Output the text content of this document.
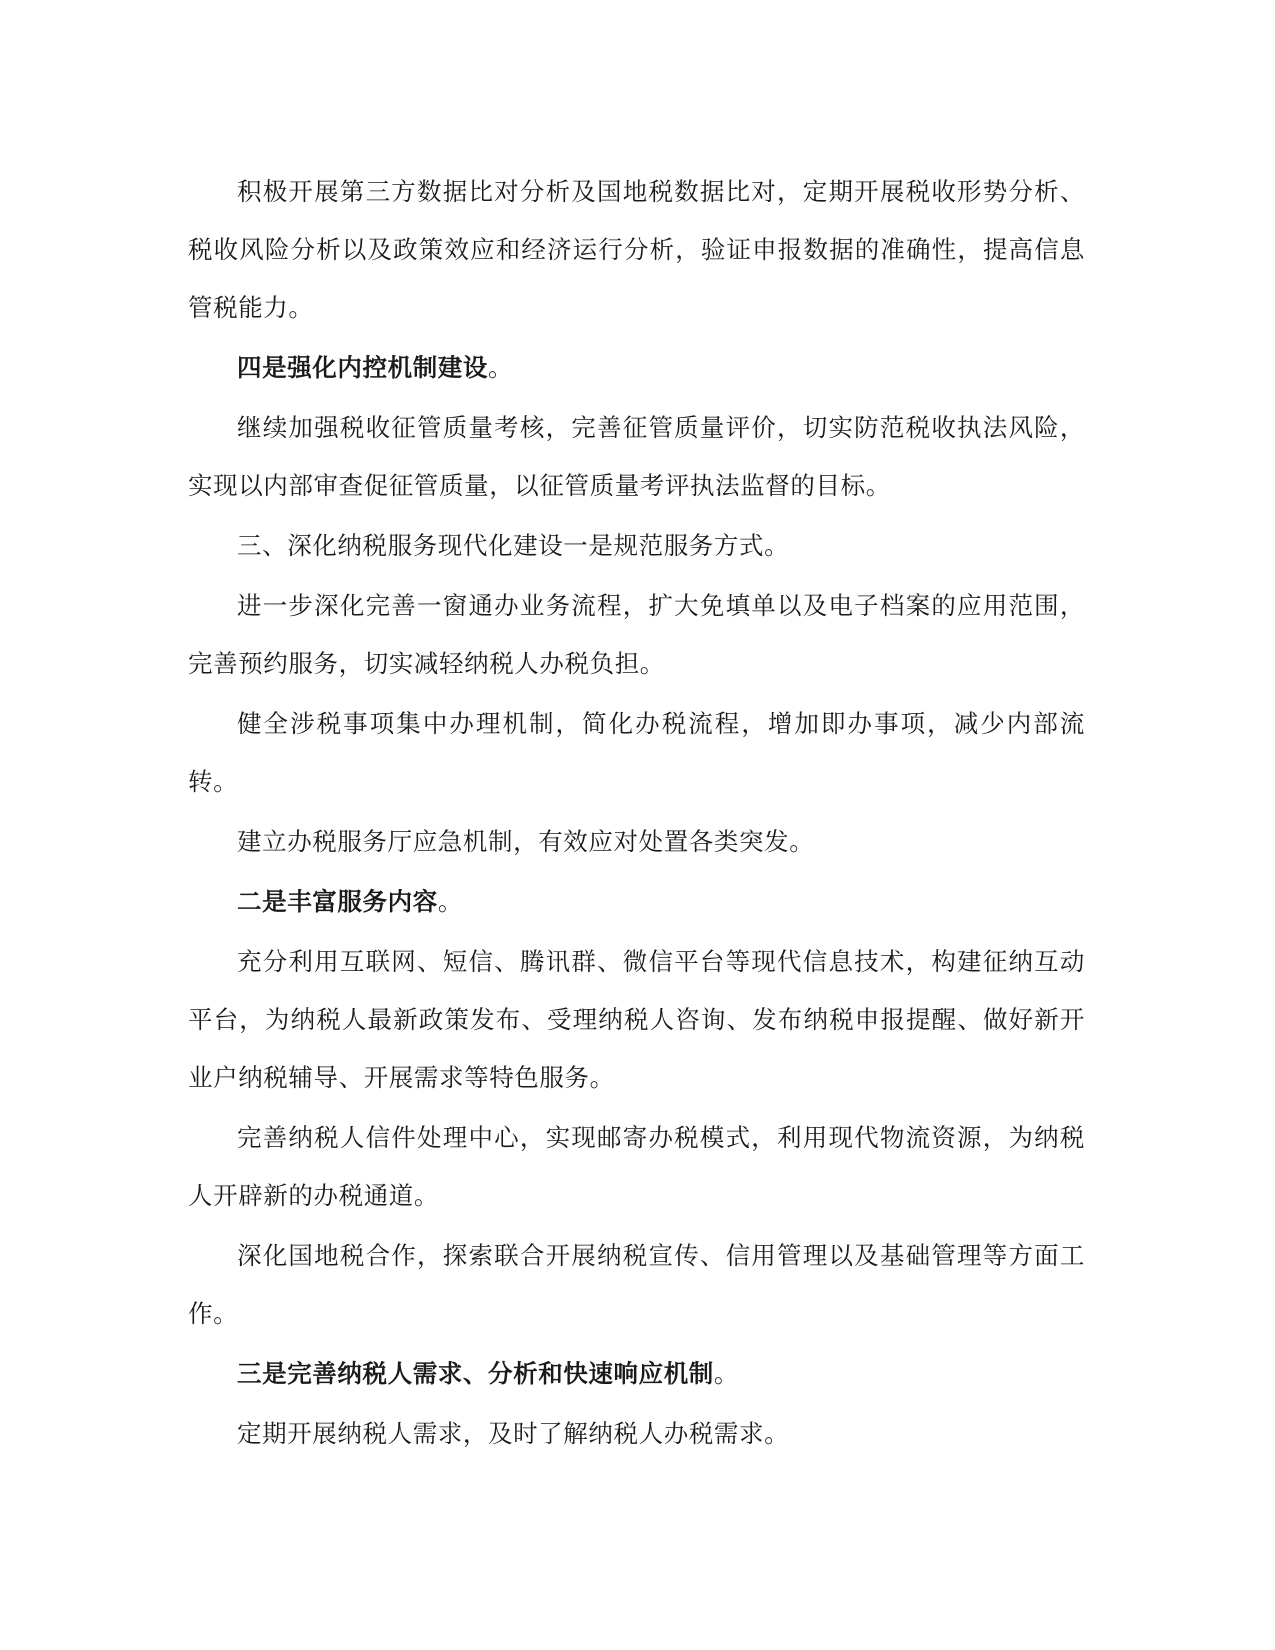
积极开展第三方数据比对分析及国地税数据比对，定期开展税收形势分析、税收风险分析以及政策效应和经济运行分析，验证申报数据的准确性，提高信息管税能力。

四是强化内控机制建设。

继续加强税收征管质量考核，完善征管质量评价，切实防范税收执法风险，实现以内部审查促征管质量，以征管质量考评执法监督的目标。

三、深化纳税服务现代化建设一是规范服务方式。

进一步深化完善一窗通办业务流程，扩大免填单以及电子档案的应用范围，完善预约服务，切实减轻纳税人办税负担。

健全涉税事项集中办理机制，简化办税流程，增加即办事项，减少内部流转。

建立办税服务厅应急机制，有效应对处置各类突发。

二是丰富服务内容。

充分利用互联网、短信、腾讯群、微信平台等现代信息技术，构建征纳互动平台，为纳税人最新政策发布、受理纳税人咨询、发布纳税申报提醒、做好新开业户纳税辅导、开展需求等特色服务。

完善纳税人信件处理中心，实现邮寄办税模式，利用现代物流资源，为纳税人开辟新的办税通道。

深化国地税合作，探索联合开展纳税宣传、信用管理以及基础管理等方面工作。

三是完善纳税人需求、分析和快速响应机制。

定期开展纳税人需求，及时了解纳税人办税需求。
